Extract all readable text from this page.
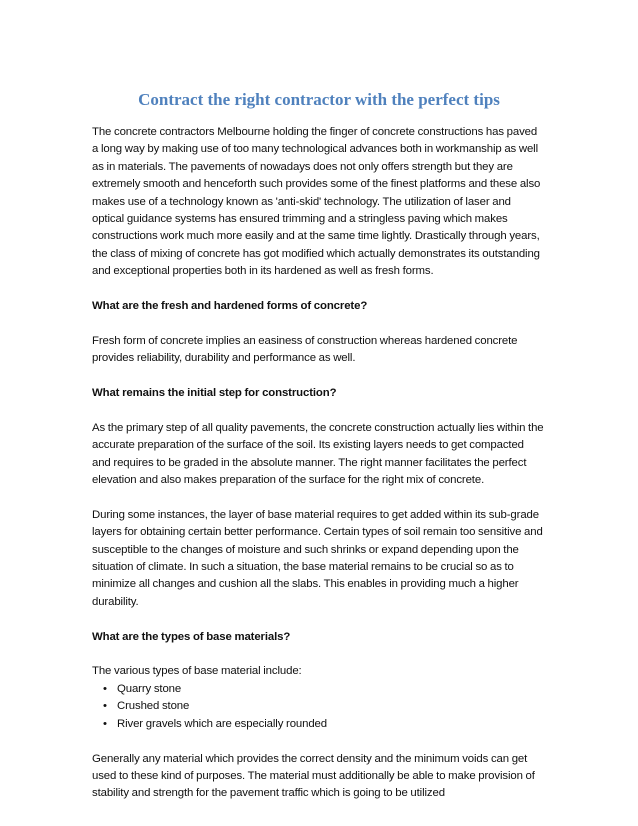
Contract the right contractor with the perfect tips

The concrete contractors Melbourne holding the finger of concrete constructions has paved a long way by making use of too many technological advances both in workmanship as well as in materials. The pavements of nowadays does not only offers strength but they are extremely smooth and henceforth such provides some of the finest platforms and these also makes use of a technology known as 'anti-skid' technology. The utilization of laser and optical guidance systems has ensured trimming and a stringless paving which makes constructions work much more easily and at the same time lightly. Drastically through years, the class of mixing of concrete has got modified which actually demonstrates its outstanding and exceptional properties both in its hardened as well as fresh forms.

What are the fresh and hardened forms of concrete?

Fresh form of concrete implies an easiness of construction whereas hardened concrete provides reliability, durability and performance as well.

What remains the initial step for construction?

As the primary step of all quality pavements, the concrete construction actually lies within the accurate preparation of the surface of the soil. Its existing layers needs to get compacted and requires to be graded in the absolute manner. The right manner facilitates the perfect elevation and also makes preparation of the surface for the right mix of concrete.

During some instances, the layer of base material requires to get added within its sub-grade layers for obtaining certain better performance. Certain types of soil remain too sensitive and susceptible to the changes of moisture and such shrinks or expand depending upon the situation of climate. In such a situation, the base material remains to be crucial so as to minimize all changes and cushion all the slabs. This enables in providing much a higher durability.

What are the types of base materials?

The various types of base material include:

• Quarry stone
• Crushed stone
• River gravels which are especially rounded

Generally any material which provides the correct density and the minimum voids can get used to these kind of purposes. The material must additionally be able to make provision of stability and strength for the pavement traffic which is going to be utilized
